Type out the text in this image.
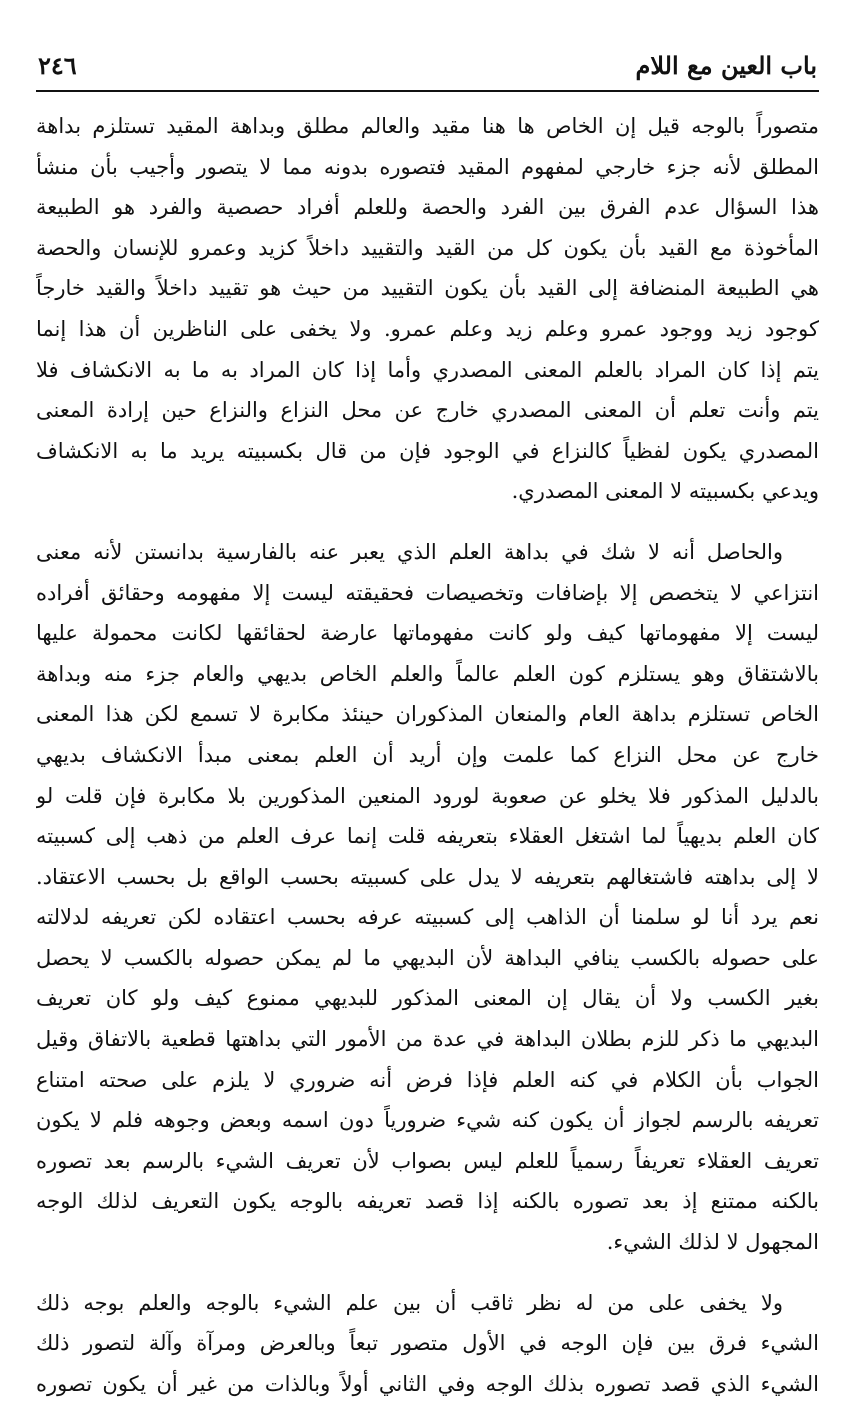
باب العين مع اللام
٢٤٦
متصوراً بالوجه قيل إن الخاص ها هنا مقيد والعالم مطلق وبداهة المقيد تستلزم بداهة
المطلق لأنه جزء خارجي لمفهوم المقيد فتصوره بدونه مما لا يتصور وأجيب بأن منشأ
هذا السؤال عدم الفرق بين الفرد والحصة وللعلم أفراد حصصية والفرد هو الطبيعة
المأخوذة مع القيد بأن يكون كل من القيد والتقييد داخلاً كزيد وعمرو للإنسان والحصة
هي الطبيعة المنضافة إلى القيد بأن يكون التقييد من حيث هو تقييد داخلاً والقيد خارجاً
كوجود زيد ووجود عمرو وعلم زيد وعلم عمرو. ولا يخفى على الناظرين أن هذا إنما
يتم إذا كان المراد بالعلم المعنى المصدري وأما إذا كان المراد به ما به الانكشاف فلا
يتم وأنت تعلم أن المعنى المصدري خارج عن محل النزاع والنزاع حين إرادة المعنى
المصدري يكون لفظياً كالنزاع في الوجود فإن من قال بكسبيته يريد ما به الانكشاف
ويدعي بكسبيته لا المعنى المصدري.
والحاصل أنه لا شك في بداهة العلم الذي يعبر عنه بالفارسية بدانستن لأنه معنى
انتزاعي لا يتخصص إلا بإضافات وتخصيصات فحقيقته ليست إلا مفهومه وحقائق أفراده
ليست إلا مفهوماتها كيف ولو كانت مفهوماتها عارضة لحقائقها لكانت محمولة عليها
بالاشتقاق وهو يستلزم كون العلم عالماً والعلم الخاص بديهي والعام جزء منه وبداهة
الخاص تستلزم بداهة العام والمنعان المذكوران حينئذ مكابرة لا تسمع لكن هذا المعنى
خارج عن محل النزاع كما علمت وإن أريد أن العلم بمعنى مبدأ الانكشاف بديهي
بالدليل المذكور فلا يخلو عن صعوبة لورود المنعين المذكورين بلا مكابرة فإن قلت لو
كان العلم بديهياً لما اشتغل العقلاء بتعريفه قلت إنما عرف العلم من ذهب إلى كسبيته
لا إلى بداهته فاشتغالهم بتعريفه لا يدل على كسبيته بحسب الواقع بل بحسب الاعتقاد.
نعم يرد أنا لو سلمنا أن الذاهب إلى كسبيته عرفه بحسب اعتقاده لكن تعريفه لدلالته
على حصوله بالكسب ينافي البداهة لأن البديهي ما لم يمكن حصوله بالكسب لا يحصل
بغير الكسب ولا أن يقال إن المعنى المذكور للبديهي ممنوع كيف ولو كان تعريف
البديهي ما ذكر للزم بطلان البداهة في عدة من الأمور التي بداهتها قطعية بالاتفاق وقيل
الجواب بأن الكلام في كنه العلم فإذا فرض أنه ضروري لا يلزم على صحته امتناع
تعريفه بالرسم لجواز أن يكون كنه شيء ضرورياً دون اسمه وبعض وجوهه فلم لا يكون
تعريف العقلاء تعريفاً رسمياً للعلم ليس بصواب لأن تعريف الشيء بالرسم بعد تصوره
بالكنه ممتنع إذ بعد تصوره بالكنه إذا قصد تعريفه بالوجه يكون التعريف لذلك الوجه
المجهول لا لذلك الشيء.
ولا يخفى على من له نظر ثاقب أن بين علم الشيء بالوجه والعلم بوجه ذلك
الشيء فرق بين فإن الوجه في الأول متصور تبعاً وبالعرض ومرآة وآلة لتصور ذلك
الشيء الذي قصد تصوره بذلك الوجه وفي الثاني أولاً وبالذات من غير أن يكون تصوره
